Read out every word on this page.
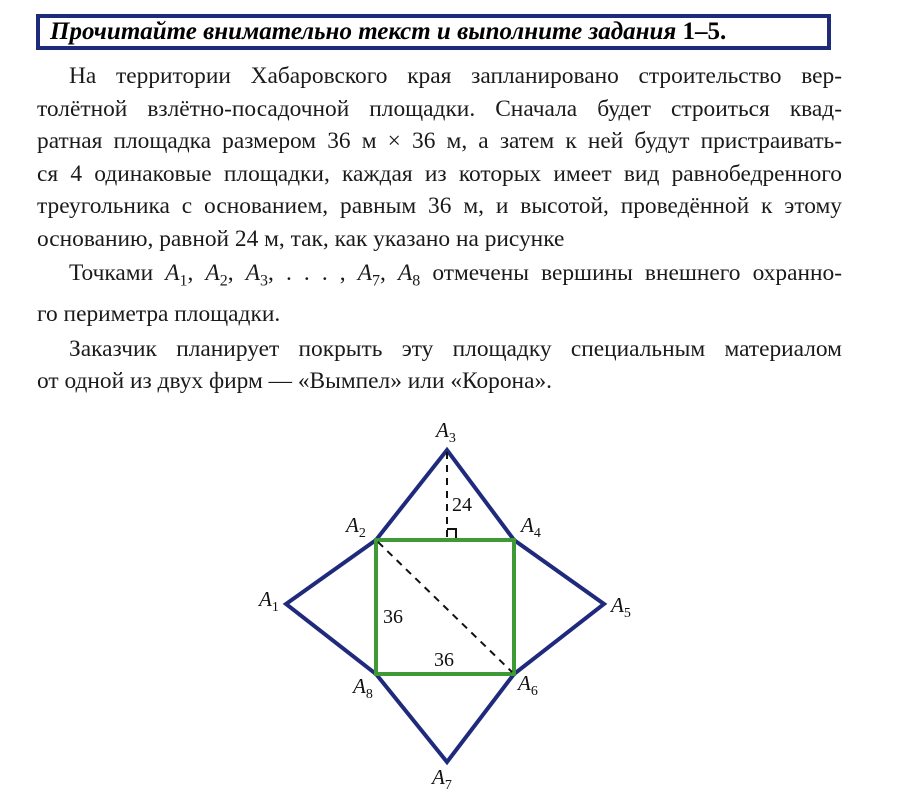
Прочитайте внимательно текст и выполните задания 1–5.

На территории Хабаровского края запланировано строительство вер-
толётной взлётно-посадочной площадки. Сначала будет строиться квад-
ратная площадка размером 36 м × 36 м, а затем к ней будут пристраивать-
ся 4 одинаковые площадки, каждая из которых имеет вид равнобедренного
треугольника с основанием, равным 36 м, и высотой, проведённой к этому
основанию, равной 24 м, так, как указано на рисунке

Точками $A_1$, $A_2$, $A_3$, . . . , $A_7$, $A_8$ отмечены вершины внешнего охранно-
го периметра площадки.

Заказчик планирует покрыть эту площадку специальным материалом
от одной из двух фирм — «Вымпел» или «Корона».

24
36
36
$A_1$
$A_2$
$A_3$
$A_4$
$A_5$
$A_6$
$A_7$
$A_8$
